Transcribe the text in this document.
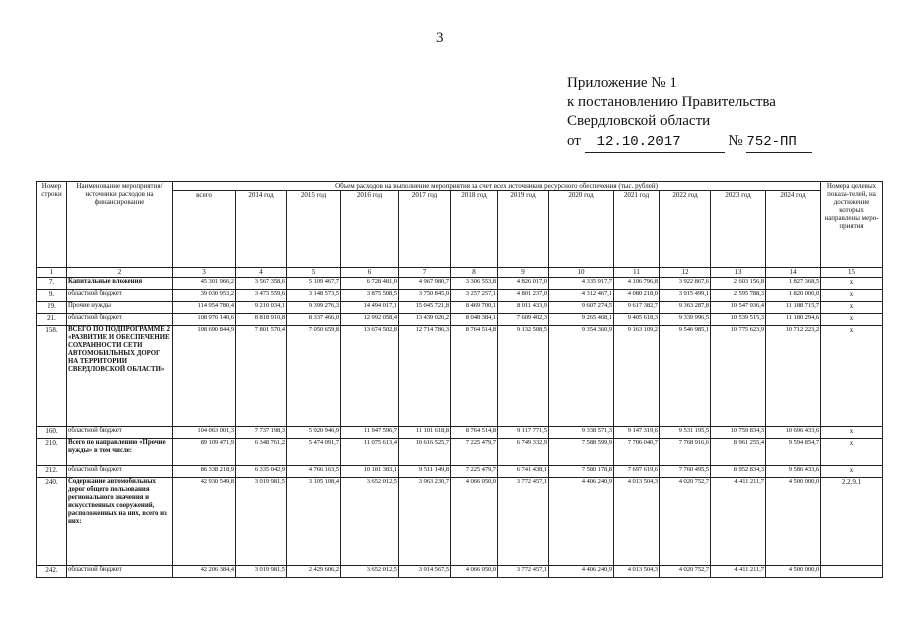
3
Приложение № 1
к постановлению Правительства
Свердловской области
от 12.10.2017	№ 752-ПП
Номер строки	Наименование мероприятия/источники расходов на финансирование	Объем расходов на выполнение мероприятия за счет всех источников ресурсного обеспечения (тыс. рублей)												Номера целевых показа-телей, на достижение которых направлены меро-приятия
		всего	2014 год	2015 год	2016 год	2017 год	2018 год	2019 год	2020 год	2021 год	2022 год	2023 год	2024 год	
1	2	3	4	5	6	7	8	9	10	11	12	13	14	15
7.	Капитальные вложения	45 301 966,2	3 567 358,6	5 109 467,7	6 728 481,0	4 967 980,7	3 306 553,8	4 826 017,0	4 335 917,7	4 106 796,8	3 922 867,6	2 603 156,8	1 827 368,5	x
9.	областной бюджет	39 030 953,2	3 473 559,6	3 148 573,5	3 875 508,5	3 750 845,0	3 257 257,1	4 801 237,0	4 312 467,1	4 080 218,0	3 915 499,1	2 595 788,3	1 820 000,0	x
19.	Прочие нужды	114 954 780,4	9 210 034,1	9 399 276,3	14 494 017,1	15 045 721,8	8 469 700,1	8 011 433,9	9 607 274,5	9 617 382,7	9 363 287,8	10 547 936,4	11 188 715,7	x
21.	областной бюджет	108 976 140,6	8 818 910,8	8 337 466,0	12 992 058,4	13 439 026,2	8 048 384,1	7 609 402,3	9 265 468,1	9 405 618,3	9 339 996,5	10 539 515,3	11 180 294,6	x
158.	ВСЕГО ПО ПОДПРОГРАММЕ 2 «РАЗВИТИЕ И ОБЕСПЕЧЕНИЕ СОХРАННОСТИ СЕТИ АВТОМОБИЛЬНЫХ ДОРОГ НА ТЕРРИТОРИИ СВЕРДЛОВСКОЙ ОБЛАСТИ»	108 690 844,9	7 801 570,4	7 050 659,8	13 674 502,8	12 714 786,3	8 764 514,8	9 132 508,5	9 354 360,9	9 163 109,2	9 546 985,1	10 775 623,9	10 712 223,2	x
160.	областной бюджет	104 063 001,3	7 737 198,3	5 920 946,9	11 947 596,7	11 101 618,8	8 764 514,8	9 117 771,5	9 338 571,3	9 147 319,6	9 531 195,5	10 759 834,3	10 696 433,6	x
210.	Всего по направлению «Прочие нужды» в том числе:	89 109 471,9	6 348 761,2	5 474 091,7	11 075 613,4	10 616 525,7	7 225 479,7	6 749 332,9	7 588 599,9	7 706 040,7	7 768 916,6	8 961 255,4	9 594 854,7	x
212.	областной бюджет	86 338 218,9	6 335 042,9	4 766 163,5	10 181 383,1	9 511 149,8	7 225 479,7	6 741 438,1	7 580 178,8	7 697 619,6	7 760 495,5	8 952 834,3	9 586 433,6	x
240.	Содержание автомобильных дорог общего пользования регионального значения и искусственных сооружений, расположенных на них, всего из них:	42 930 549,8	3 019 981,5	3 105 108,4	3 652 012,5	3 963 230,7	4 066 050,0	3 772 457,1	4 406 240,9	4 013 504,3	4 020 752,7	4 411 211,7	4 500 000,0	2.2.9.1
242.	областной бюджет	42 206 384,4	3 019 981,5	2 429 606,2	3 652 012,5	3 914 567,5	4 066 050,0	3 772 457,1	4 406 240,9	4 013 504,3	4 020 752,7	4 411 211,7	4 500 000,0	
